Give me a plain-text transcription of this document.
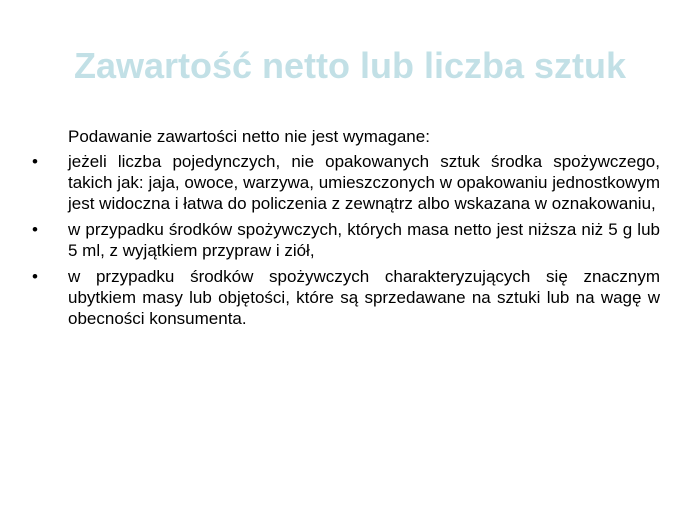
Zawartość netto lub liczba sztuk
Podawanie zawartości netto nie jest wymagane:
•	jeżeli liczba pojedynczych, nie opakowanych sztuk środka spożywczego, takich jak: jaja, owoce, warzywa, umieszczonych w opakowaniu jednostkowym jest widoczna i łatwa do policzenia z zewnątrz albo wskazana w oznakowaniu,
•	w przypadku środków spożywczych, których masa netto jest niższa niż 5 g lub 5 ml, z wyjątkiem przypraw i ziół,
•	w przypadku środków spożywczych charakteryzujących się znacznym ubytkiem masy lub objętości, które są sprzedawane na sztuki lub na wagę w obecności konsumenta.
